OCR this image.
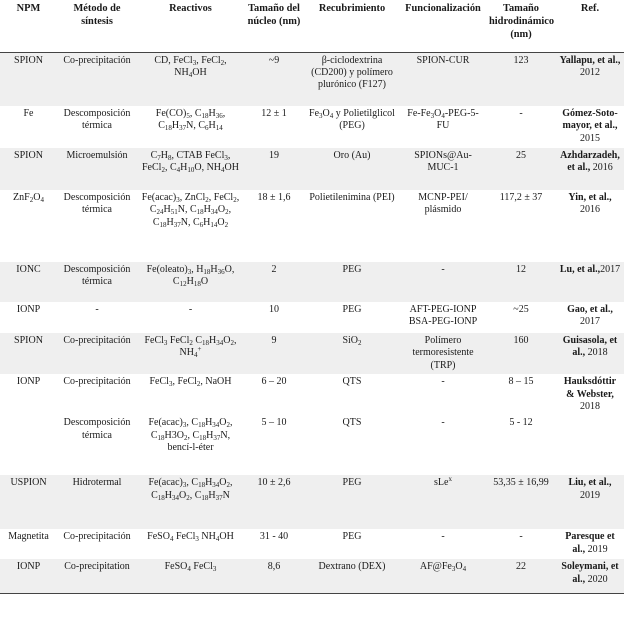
NPM	Método de síntesis	Reactivos	Tamaño del núcleo (nm)	Recubrimiento	Funcionalización	Tamaño hidrodinámico (nm)	Ref.
SPION	Co-precipitación	CD, FeCl$_3$, FeCl$_2$, $NH_4OH$	~9	β-ciclodextrina (CD200) y polímero plurónico (F127)	SPION-CUR	123	Yallapu, et al., 2012
Fe	Descomposición térmica	$Fe(CO)_5$, $C_{18}H_{36}$, $C_{18}H_{37}N$, $C_6H_{14}$	12 ± 1	$Fe_3O_4$ y Polietilglicol (PEG)	$Fe-Fe_3O_4-PEG-5-FU$	-	Gómez-Soto-mayor, et al., 2015
SPION	Microemulsión	$C_7H_8$, CTAB FeCl$_3$, FeCl$_2$, $C_4H_{10}O$, $NH_4OH$	19	Oro (Au)	SPIONs@Au-MUC-1	25	Azhdarzadeh, et al., 2016
$ZnF_2O_4$	Descomposición térmica	$Fe(acac)_3$, ZnCl$_2$, FeCl$_2$, $C_{24}H_{51}N$, $C_{18}H_{34}O_2$, $C_{18}H_{37}N$, $C_6H_{14}O_2$	18 ± 1,6	Polietilenimina (PEI)	MCNP-PEI/ plásmido	117,2 ± 37	Yin, et al., 2016
IONC	Descomposición térmica	$Fe(oleato)_3$, $H_{18}H_{36}O$, $C_{12}H_{18}O$	2	PEG	-	12	Lu, et al.,2017
IONP	-	-	10	PEG	AFT-PEG-IONP BSA-PEG-IONP	~25	Gao, et al., 2017
SPION	Co-precipitación	FeCl$_3$ FeCl$_2$ $C_{18}H_{34}O_2$, $NH_4^+$	9	SiO$_2$	Polímero termoresistente (TRP)	160	Guisasola, et al., 2018
IONP	Co-precipitación	FeCl$_3$, FeCl$_2$, NaOH	6 – 20	QTS	-	8 – 15	Hauksdóttir & Webster, 2018
	Descomposición térmica	$Fe(acac)_3$, $C_{18}H_{34}O_2$, $C_{18}H3O_2$, $C_{18}H_{37}N$, bencí-l-éter	5 – 10	QTS	-	5 - 12	
USPION	Hidrotermal	$Fe(acac)_3$, $C_{18}H_{34}O_2$, $C_{18}H_{34}O_2$, $C_{18}H_{37}N$	10 ± 2,6	PEG	sLe$^x$	53,35 ± 16,99	Liu, et al., 2019
Magnetita	Co-precipitación	FeSO$_4$ FeCl$_3$ $NH_4OH$	31 - 40	PEG	-	-	Paresque et al., 2019
IONP	Co-precipitation	FeSO$_4$ FeCl$_3$	8,6	Dextrano (DEX)	$AF@Fe_3O_4$	22	Soleymani, et al., 2020
